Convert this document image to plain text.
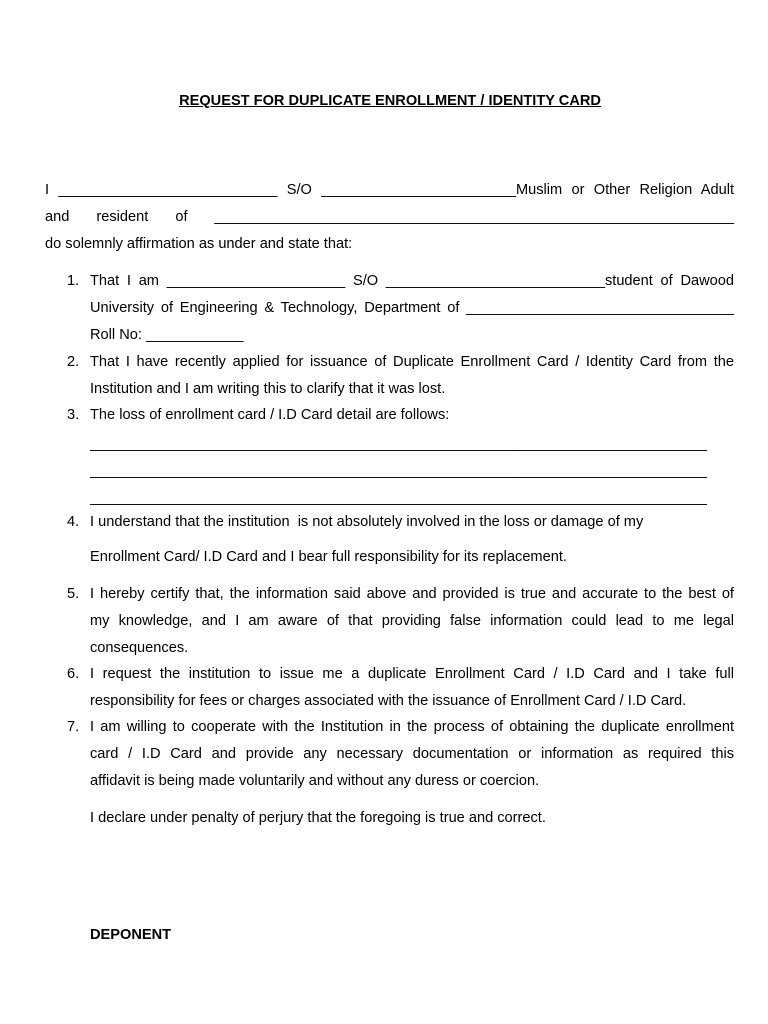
REQUEST FOR DUPLICATE ENROLLMENT / IDENTITY CARD
I ___________________________ S/O ________________________Muslim or Other Religion Adult
and resident of ________________________________________________________________
do solemnly affirmation as under and state that:
1. That I am ______________________ S/O ___________________________student of Dawood
University of Engineering & Technology, Department of _________________________________
Roll No: ____________
2. That I have recently applied for issuance of Duplicate Enrollment Card / Identity Card from the
Institution and I am writing this to clarify that it was lost.
3. The loss of enrollment card / I.D Card detail are follows:
____________________________________________________________________________
____________________________________________________________________________
____________________________________________________________________________
4. I understand that the institution  is not absolutely involved in the loss or damage of my
Enrollment Card/ I.D Card and I bear full responsibility for its replacement.
5. I hereby certify that, the information said above and provided is true and accurate to the best of
my knowledge, and I am aware of that providing false information could lead to me legal
consequences.
6. I request the institution to issue me a duplicate Enrollment Card / I.D Card and I take full
responsibility for fees or charges associated with the issuance of Enrollment Card / I.D Card.
7. I am willing to cooperate with the Institution in the process of obtaining the duplicate enrollment
card / I.D Card and provide any necessary documentation or information as required this
affidavit is being made voluntarily and without any duress or coercion.
I declare under penalty of perjury that the foregoing is true and correct.
DEPONENT
